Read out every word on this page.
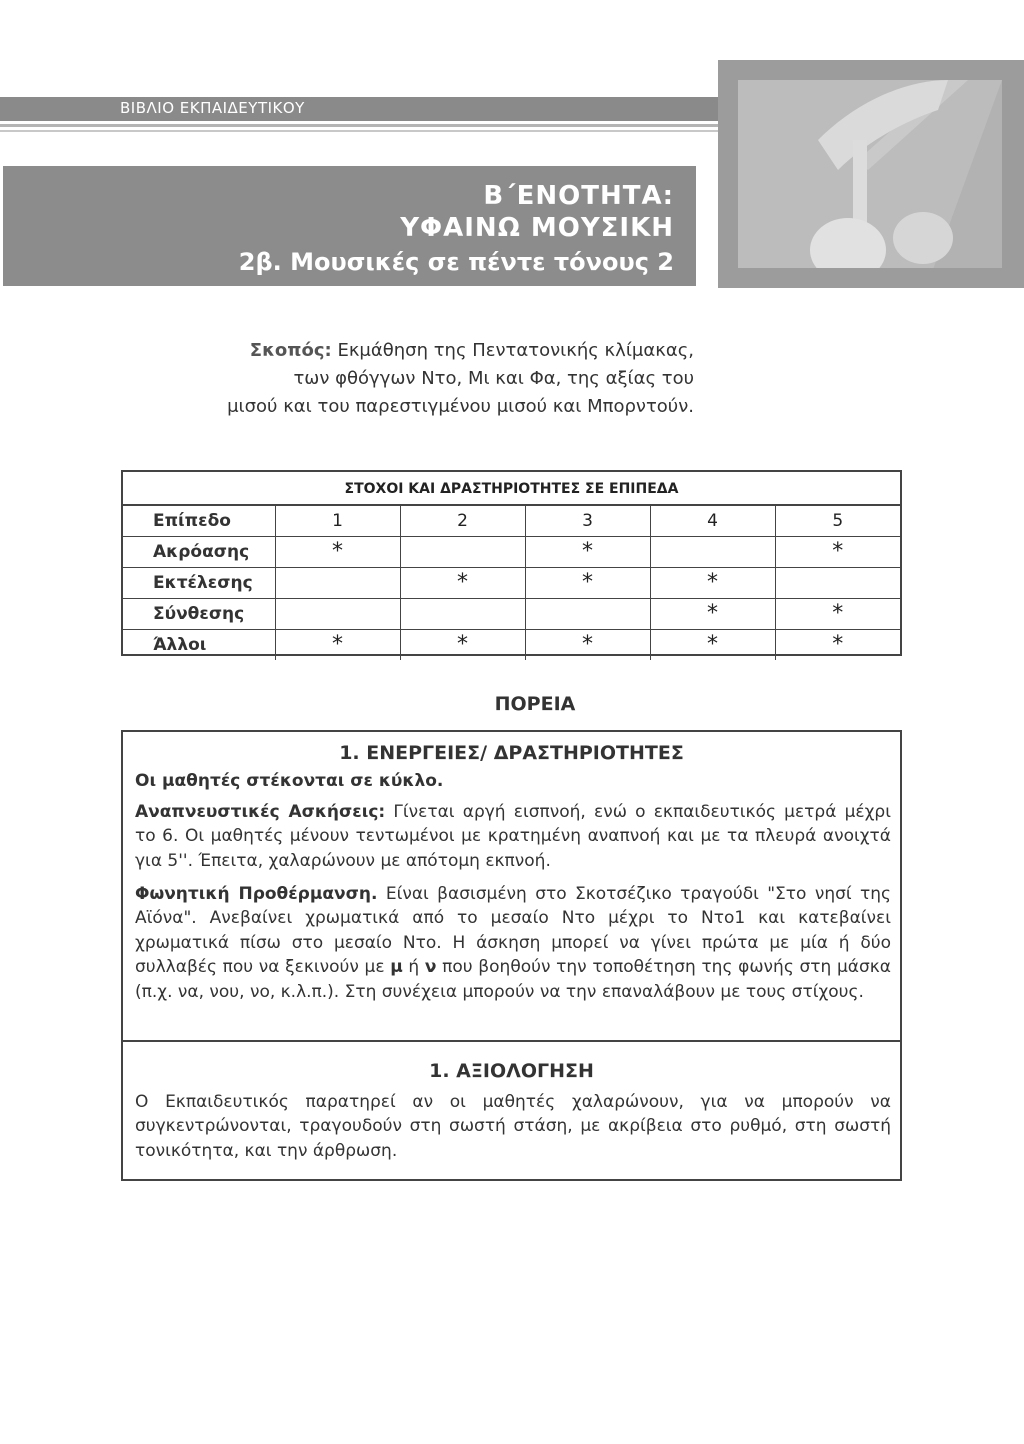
ΒΙΒΛΙΟ ΕΚΠΑΙΔΕΥΤΙΚΟΥ
Β΄ΕΝΟΤΗΤΑ:
ΥΦΑΙΝΩ ΜΟΥΣΙΚΗ
2β. Μουσικές σε πέντε τόνους 2
Σκοπός: Εκμάθηση της Πεντατονικής κλίμακας,
των φθόγγων Ντο, Μι και Φα, της αξίας του
μισού και του παρεστιγμένου μισού και Μπορντούν.
ΣΤΟΧΟΙ ΚΑΙ ΔΡΑΣΤΗΡΙΟΤΗΤΕΣ ΣΕ ΕΠΙΠΕΔΑ
Επίπεδο	1	2	3	4	5
Ακρόασης	*		*		*
Εκτέλεσης		*	*	*	
Σύνθεσης				*	*
Άλλοι	*	*	*	*	*
ΠΟΡΕΙΑ
1. ΕΝΕΡΓΕΙΕΣ/ ΔΡΑΣΤΗΡΙΟΤΗΤΕΣ
Οι μαθητές στέκονται σε κύκλο.
Αναπνευστικές Ασκήσεις: Γίνεται αργή εισπνοή, ενώ ο εκπαιδευτικός μετρά μέχρι το 6. Οι μαθητές μένουν τεντωμένοι με κρατημένη αναπνοή και με τα πλευρά ανοιχτά για 5''. Έπειτα, χαλαρώνουν με απότομη εκπνοή.
Φωνητική Προθέρμανση. Είναι βασισμένη στο Σκοτσέζικο τραγούδι "Στο νησί της Αϊόνα". Ανεβαίνει χρωματικά από το μεσαίο Ντο μέχρι το Ντο1 και κατεβαίνει χρωματικά πίσω στο μεσαίο Ντο. Η άσκηση μπορεί να γίνει πρώτα με μία ή δύο συλλαβές που να ξεκινούν με μ ή ν που βοηθούν την τοποθέτηση της φωνής στη μάσκα (π.χ. να, νου, νο, κ.λ.π.). Στη συνέχεια μπορούν να την επαναλάβουν με τους στίχους.
1. ΑΞΙΟΛΟΓΗΣΗ
Ο Εκπαιδευτικός παρατηρεί αν οι μαθητές χαλαρώνουν, για να μπορούν να συγκεντρώνονται, τραγουδούν στη σωστή στάση, με ακρίβεια στο ρυθμό, στη σωστή τονικότητα, και την άρθρωση.
